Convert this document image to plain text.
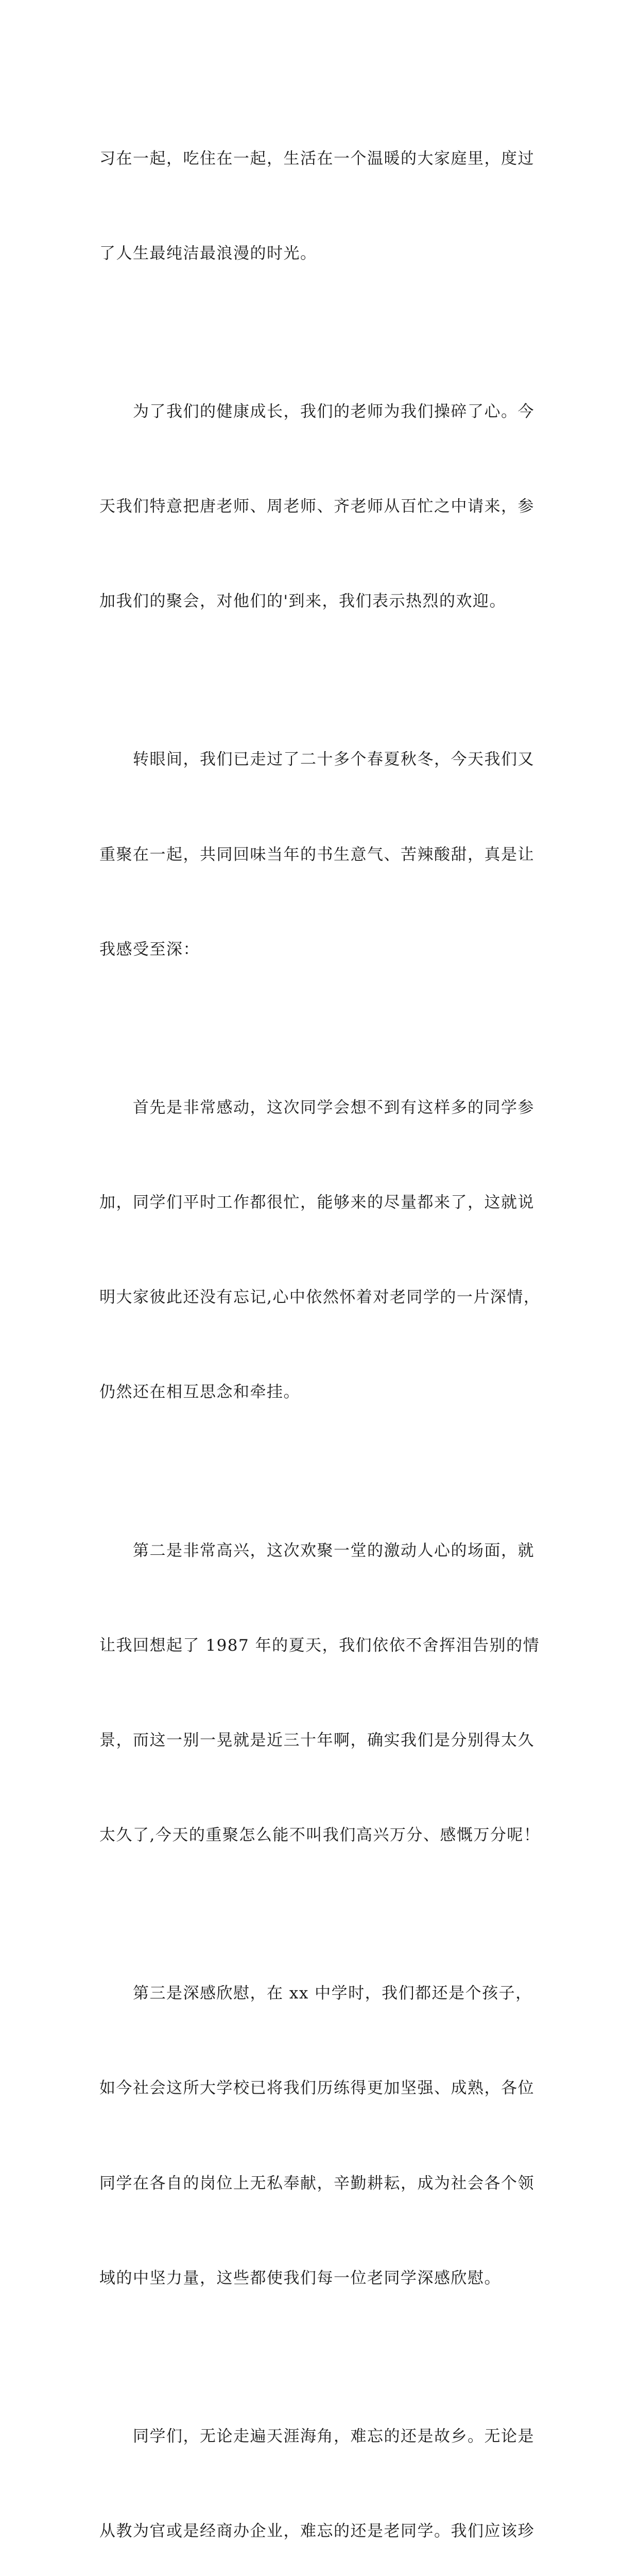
习在一起，吃住在一起，生活在一个温暖的大家庭里，度过

了人生最纯洁最浪漫的时光。

　　为了我们的健康成长，我们的老师为我们操碎了心。今

天我们特意把唐老师、周老师、齐老师从百忙之中请来，参

加我们的聚会，对他们的'到来，我们表示热烈的欢迎。

　　转眼间，我们已走过了二十多个春夏秋冬，今天我们又

重聚在一起，共同回味当年的书生意气、苦辣酸甜，真是让

我感受至深：

　　首先是非常感动，这次同学会想不到有这样多的同学参

加，同学们平时工作都很忙，能够来的尽量都来了，这就说

明大家彼此还没有忘记,心中依然怀着对老同学的一片深情，

仍然还在相互思念和牵挂。

　　第二是非常高兴，这次欢聚一堂的激动人心的场面，就

让我回想起了 1987 年的夏天，我们依依不舍挥泪告别的情

景，而这一别一晃就是近三十年啊，确实我们是分别得太久

太久了,今天的重聚怎么能不叫我们高兴万分、感慨万分呢！

　　第三是深感欣慰，在 xx 中学时，我们都还是个孩子，

如今社会这所大学校已将我们历练得更加坚强、成熟，各位

同学在各自的岗位上无私奉献，辛勤耕耘，成为社会各个领

域的中坚力量，这些都使我们每一位老同学深感欣慰。

　　同学们，无论走遍天涯海角，难忘的还是故乡。无论是

从教为官或是经商办企业，难忘的还是老同学。我们应该珍
